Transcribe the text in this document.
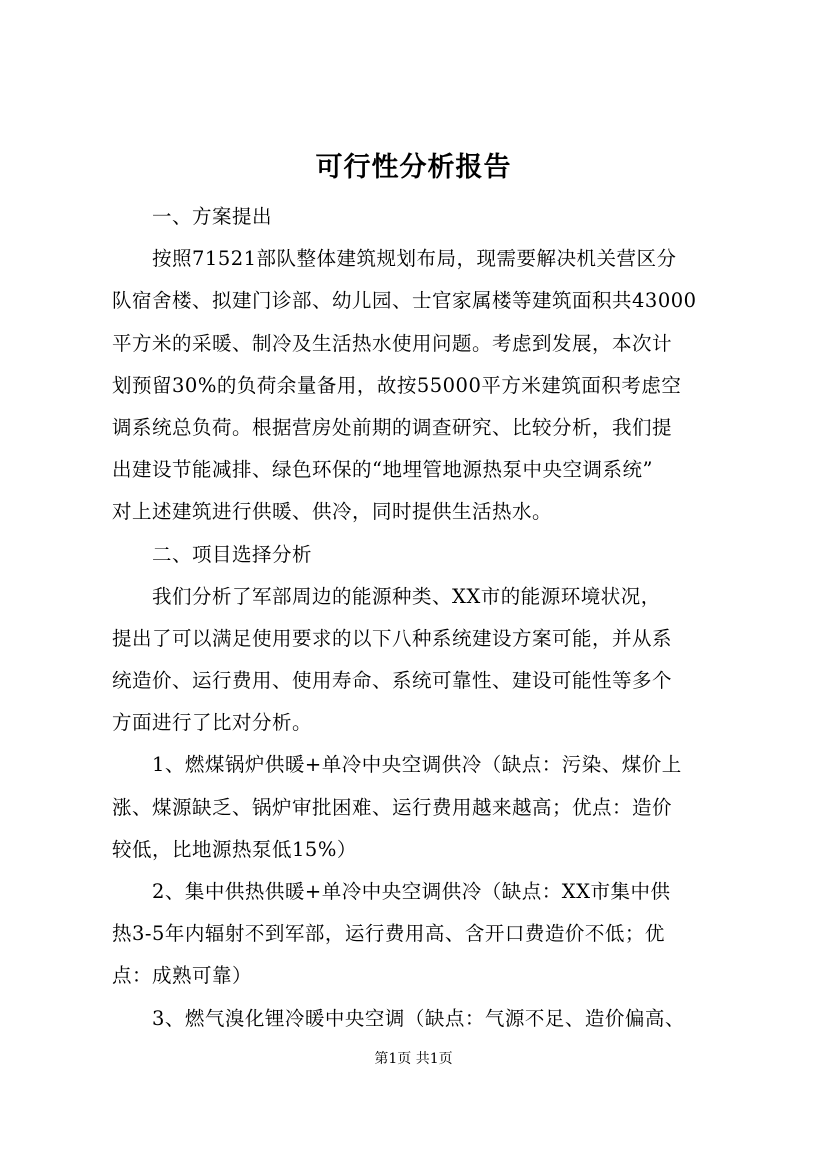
可行性分析报告
一、方案提出
按照71521部队整体建筑规划布局，现需要解决机关营区分
队宿舍楼、拟建门诊部、幼儿园、士官家属楼等建筑面积共43000
平方米的采暖、制冷及生活热水使用问题。考虑到发展，本次计
划预留30%的负荷余量备用，故按55000平方米建筑面积考虑空
调系统总负荷。根据营房处前期的调查研究、比较分析，我们提
出建设节能减排、绿色环保的“地埋管地源热泵中央空调系统”
对上述建筑进行供暖、供冷，同时提供生活热水。
二、项目选择分析
我们分析了军部周边的能源种类、XX市的能源环境状况，
提出了可以满足使用要求的以下八种系统建设方案可能，并从系
统造价、运行费用、使用寿命、系统可靠性、建设可能性等多个
方面进行了比对分析。
1、燃煤锅炉供暖+单冷中央空调供冷（缺点：污染、煤价上
涨、煤源缺乏、锅炉审批困难、运行费用越来越高；优点：造价
较低，比地源热泵低15%）
2、集中供热供暖+单冷中央空调供冷（缺点：XX市集中供
热3-5年内辐射不到军部，运行费用高、含开口费造价不低；优
点：成熟可靠）
3、燃气溴化锂冷暖中央空调（缺点：气源不足、造价偏高、
第1页 共1页
